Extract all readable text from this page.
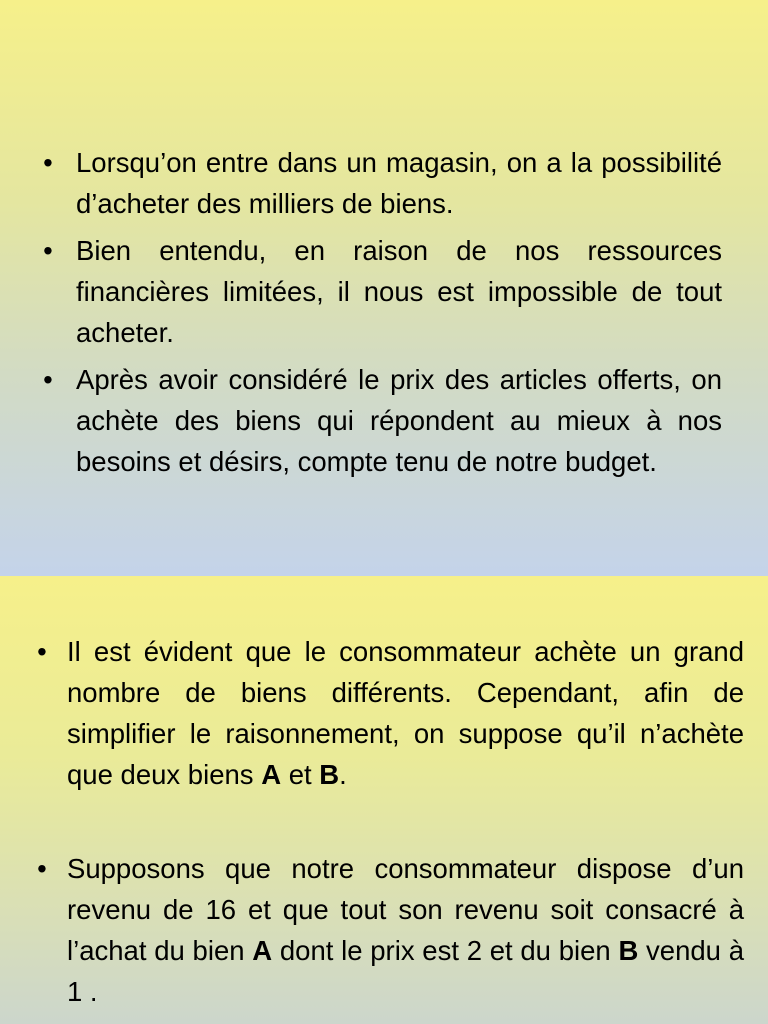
• Lorsqu’on entre dans un magasin, on a la possibilité d’acheter des milliers de biens.
• Bien entendu, en raison de nos ressources financières limitées, il nous est impossible de tout acheter.
• Après avoir considéré le prix des articles offerts, on achète des biens qui répondent au mieux à nos besoins et désirs, compte tenu de notre budget.
• Il est évident que le consommateur achète un grand nombre de biens différents. Cependant, afin de simplifier le raisonnement, on suppose qu’il n’achète que deux biens A et B.
• Supposons que notre consommateur dispose d’un revenu de 16 et que tout son revenu soit consacré à l’achat du bien A dont le prix est 2 et du bien B vendu à 1 .
